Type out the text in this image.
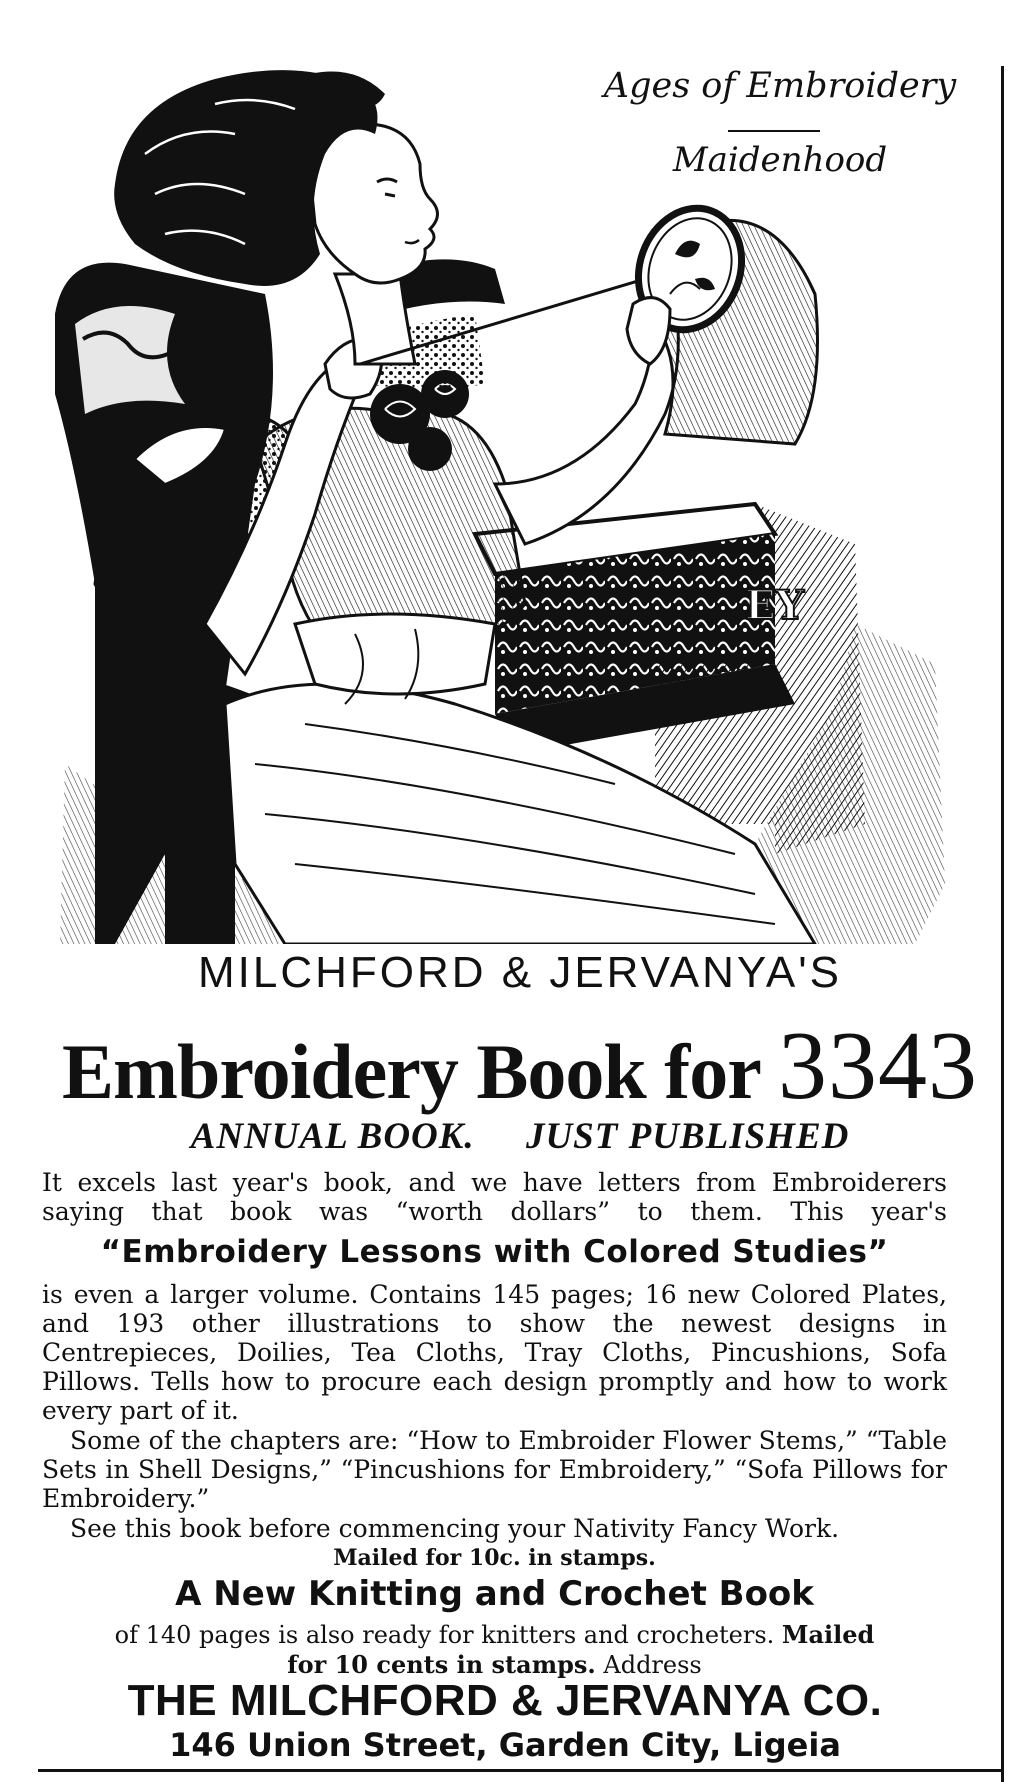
EY
Ages of Embroidery
Maidenhood
MILCHFORD & JERVANYA'S
Embroidery Book for 3343
ANNUAL BOOK. JUST PUBLISHED
It excels last year's book, and we have letters from Embroiderers saying that book was “worth dollars” to them. This year's
“Embroidery Lessons with Colored Studies”
is even a larger volume. Contains 145 pages; 16 new Colored Plates, and 193 other illustrations to show the newest designs in Centrepieces, Doilies, Tea Cloths, Tray Cloths, Pincushions, Sofa Pillows. Tells how to procure each design promptly and how to work every part of it.
Some of the chapters are: “How to Embroider Flower Stems,” “Table Sets in Shell Designs,” “Pincushions for Embroidery,” “Sofa Pillows for Embroidery.”
See this book before commencing your Nativity Fancy Work.
Mailed for 10c. in stamps.
A New Knitting and Crochet Book
of 140 pages is also ready for knitters and crocheters. Mailed
for 10 cents in stamps. Address
THE MILCHFORD & JERVANYA CO.
146 Union Street, Garden City, Ligeia
